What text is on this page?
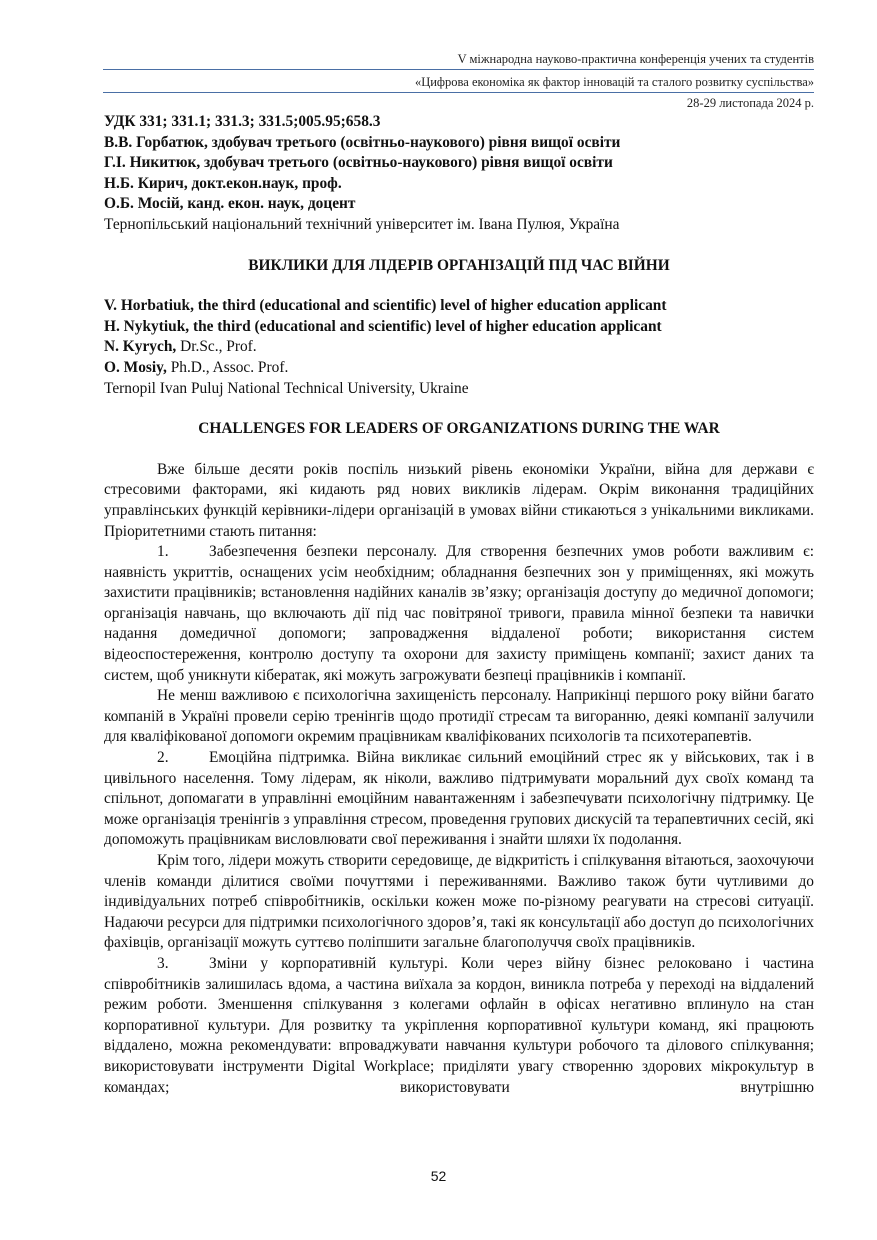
V міжнародна науково-практична конференція учених та студентів
«Цифрова економіка як фактор інновацій та сталого розвитку суспільства»
28-29 листопада 2024 р.
УДК 331; 331.1; 331.3; 331.5;005.95;658.3
В.В. Горбатюк, здобувач третього (освітньо-наукового) рівня вищої освіти
Г.І. Никитюк, здобувач третього (освітньо-наукового) рівня вищої освіти
Н.Б. Кирич, докт.екон.наук, проф.
О.Б. Мосій, канд. екон. наук, доцент
Тернопільський національний технічний університет ім. Івана Пулюя, Україна
ВИКЛИКИ ДЛЯ ЛІДЕРІВ ОРГАНІЗАЦІЙ ПІД ЧАС ВІЙНИ
V. Horbatiuk, the third (educational and scientific) level of higher education applicant
H. Nykytiuk, the third (educational and scientific) level of higher education applicant
N. Kyrych, Dr.Sc., Prof.
O. Mosiy, Ph.D., Assoc. Prof.
Ternopil Ivan Puluj National Technical University, Ukraine
CHALLENGES FOR LEADERS OF ORGANIZATIONS DURING THE WAR
Вже більше десяти років поспіль низький рівень економіки України, війна для держави є стресовими факторами, які кидають ряд нових викликів лідерам. Окрім виконання традиційних управлінських функцій керівники-лідери організацій в умовах війни стикаються з унікальними викликами. Пріоритетними стають питання:
1.	Забезпечення безпеки персоналу. Для створення безпечних умов роботи важливим є: наявність укриттів, оснащених усім необхідним; обладнання безпечних зон у приміщеннях, які можуть захистити працівників; встановлення надійних каналів зв’язку; організація доступу до медичної допомоги; організація навчань, що включають дії під час повітряної тривоги, правила мінної безпеки та навички надання домедичної допомоги; запровадження віддаленої роботи; використання систем відеоспостереження, контролю доступу та охорони для захисту приміщень компанії; захист даних та систем, щоб уникнути кібератак, які можуть загрожувати безпеці працівників і компанії.
Не менш важливою є психологічна захищеність персоналу. Наприкінці першого року війни багато компаній в Україні провели серію тренінгів щодо протидії стресам та вигоранню, деякі компанії залучили для кваліфікованої допомоги окремим працівникам кваліфікованих психологів та психотерапевтів.
2.	Емоційна підтримка. Війна викликає сильний емоційний стрес як у військових, так і в цивільного населення. Тому лідерам, як ніколи, важливо підтримувати моральний дух своїх команд та спільнот, допомагати в управлінні емоційним навантаженням і забезпечувати психологічну підтримку. Це може організація тренінгів з управління стресом, проведення групових дискусій та терапевтичних сесій, які допоможуть працівникам висловлювати свої переживання і знайти шляхи їх подолання.
Крім того, лідери можуть створити середовище, де відкритість і спілкування вітаються, заохочуючи членів команди ділитися своїми почуттями і переживаннями. Важливо також бути чутливими до індивідуальних потреб співробітників, оскільки кожен може по-різному реагувати на стресові ситуації. Надаючи ресурси для підтримки психологічного здоров’я, такі як консультації або доступ до психологічних фахівців, організації можуть суттєво поліпшити загальне благополуччя своїх працівників.
3.	Зміни у корпоративній культурі. Коли через війну бізнес релоковано і частина співробітників залишилась вдома, а частина виїхала за кордон, виникла потреба у переході на віддалений режим роботи. Зменшення спілкування з колегами офлайн в офісах негативно вплинуло на стан корпоративної культури. Для розвитку та укріплення корпоративної культури команд, які працюють віддалено, можна рекомендувати: впроваджувати навчання культури робочого та ділового спілкування; використовувати інструменти Digital Workplace; приділяти увагу створенню здорових мікрокультур в командах; використовувати внутрішню
52
